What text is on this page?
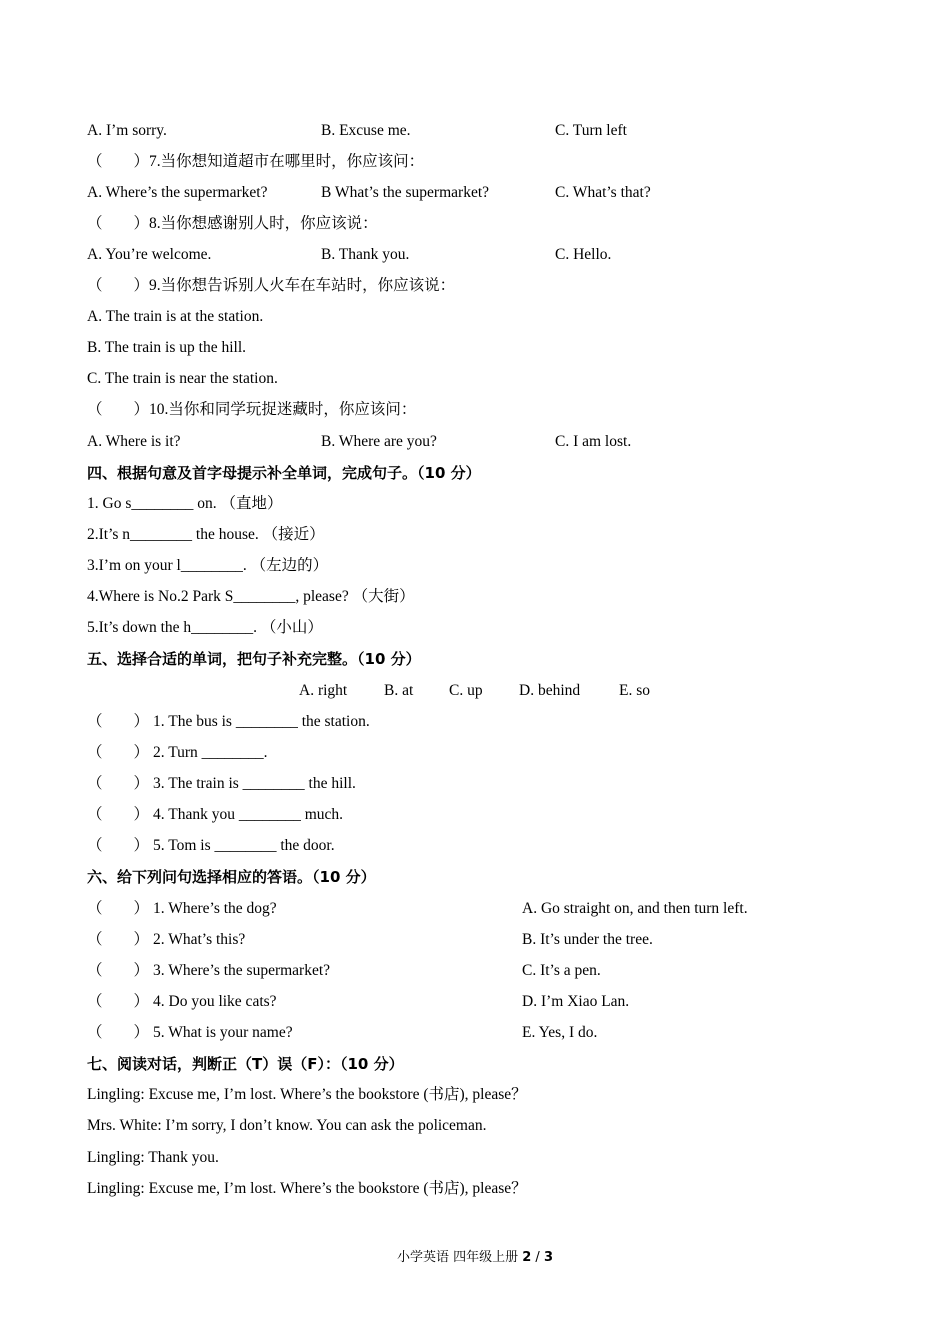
A. I’m sorry.	B. Excuse me.	C. Turn left
（　　）7.当你想知道超市在哪里时，你应该问：
A. Where’s the supermarket?	B What’s the supermarket?	C. What’s that?
（　　）8.当你想感谢别人时，你应该说：
A. You’re welcome.	B. Thank you.	C. Hello.
（　　）9.当你想告诉别人火车在车站时，你应该说：
A. The train is at the station.
B. The train is up the hill.
C. The train is near the station.
（　　）10.当你和同学玩捉迷藏时，你应该问：
A. Where is it?	B. Where are you?	C. I am lost.
四、根据句意及首字母提示补全单词，完成句子。（10 分）
1. Go s________ on. （直地）
2.It’s n________ the house. （接近）
3.I’m on your l________. （左边的）
4.Where is No.2 Park S________, please? （大街）
5.It’s down the h________. （小山）
五、选择合适的单词，把句子补充完整。（10 分）
A. right B. at C. up D. behind	E. so
（　　） 1. The bus is ________ the station.
（　　） 2. Turn ________.
（　　） 3. The train is ________ the hill.
（　　） 4. Thank you ________ much.
（　　） 5. Tom is ________ the door.
六、给下列问句选择相应的答语。（10 分）
（　　） 1. Where’s the dog?	A. Go straight on, and then turn left.
（　　） 2. What’s this?	B. It’s under the tree.
（　　） 3. Where’s the supermarket?	C. It’s a pen.
（　　） 4. Do you like cats?	D. I’m Xiao Lan.
（　　） 5. What is your name?	E. Yes, I do.
七、阅读对话，判断正（T）误（F）：（10 分）
Lingling: Excuse me, I’m lost. Where’s the bookstore (书店), please？
Mrs. White: I’m sorry, I don’t know. You can ask the policeman.
Lingling: Thank you.
Lingling: Excuse me, I’m lost. Where’s the bookstore (书店), please？
小学英语 四年级上册 2 / 3
